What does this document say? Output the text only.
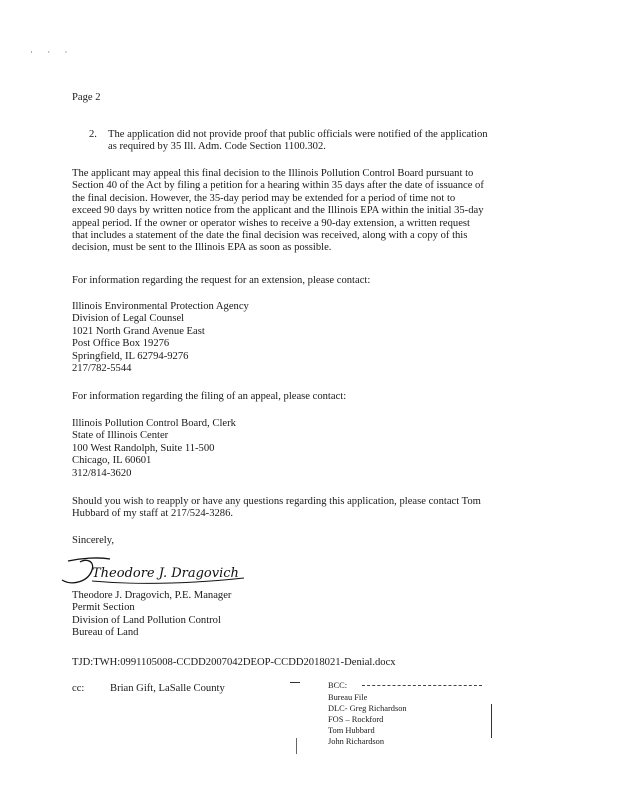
· · ·
Page 2
2. The application did not provide proof that public officials were notified of the application
as required by 35 Ill. Adm. Code Section 1100.302.
The applicant may appeal this final decision to the Illinois Pollution Control Board pursuant to
Section 40 of the Act by filing a petition for a hearing within 35 days after the date of issuance of
the final decision. However, the 35-day period may be extended for a period of time not to
exceed 90 days by written notice from the applicant and the Illinois EPA within the initial 35-day
appeal period. If the owner or operator wishes to receive a 90-day extension, a written request
that includes a statement of the date the final decision was received, along with a copy of this
decision, must be sent to the Illinois EPA as soon as possible.
For information regarding the request for an extension, please contact:
Illinois Environmental Protection Agency
Division of Legal Counsel
1021 North Grand Avenue East
Post Office Box 19276
Springfield, IL 62794-9276
217/782-5544
For information regarding the filing of an appeal, please contact:
Illinois Pollution Control Board, Clerk
State of Illinois Center
100 West Randolph, Suite 11-500
Chicago, IL 60601
312/814-3620
Should you wish to reapply or have any questions regarding this application, please contact Tom
Hubbard of my staff at 217/524-3286.
Sincerely,
Theodore J. Dragovich
Theodore J. Dragovich, P.E. Manager
Permit Section
Division of Land Pollution Control
Bureau of Land
TJD:TWH:0991105008-CCDD2007042DEOP-CCDD2018021-Denial.docx
cc: Brian Gift, LaSalle County	BCC:
Bureau File
DLC- Greg Richardson
FOS – Rockford
Tom Hubbard
John Richardson
